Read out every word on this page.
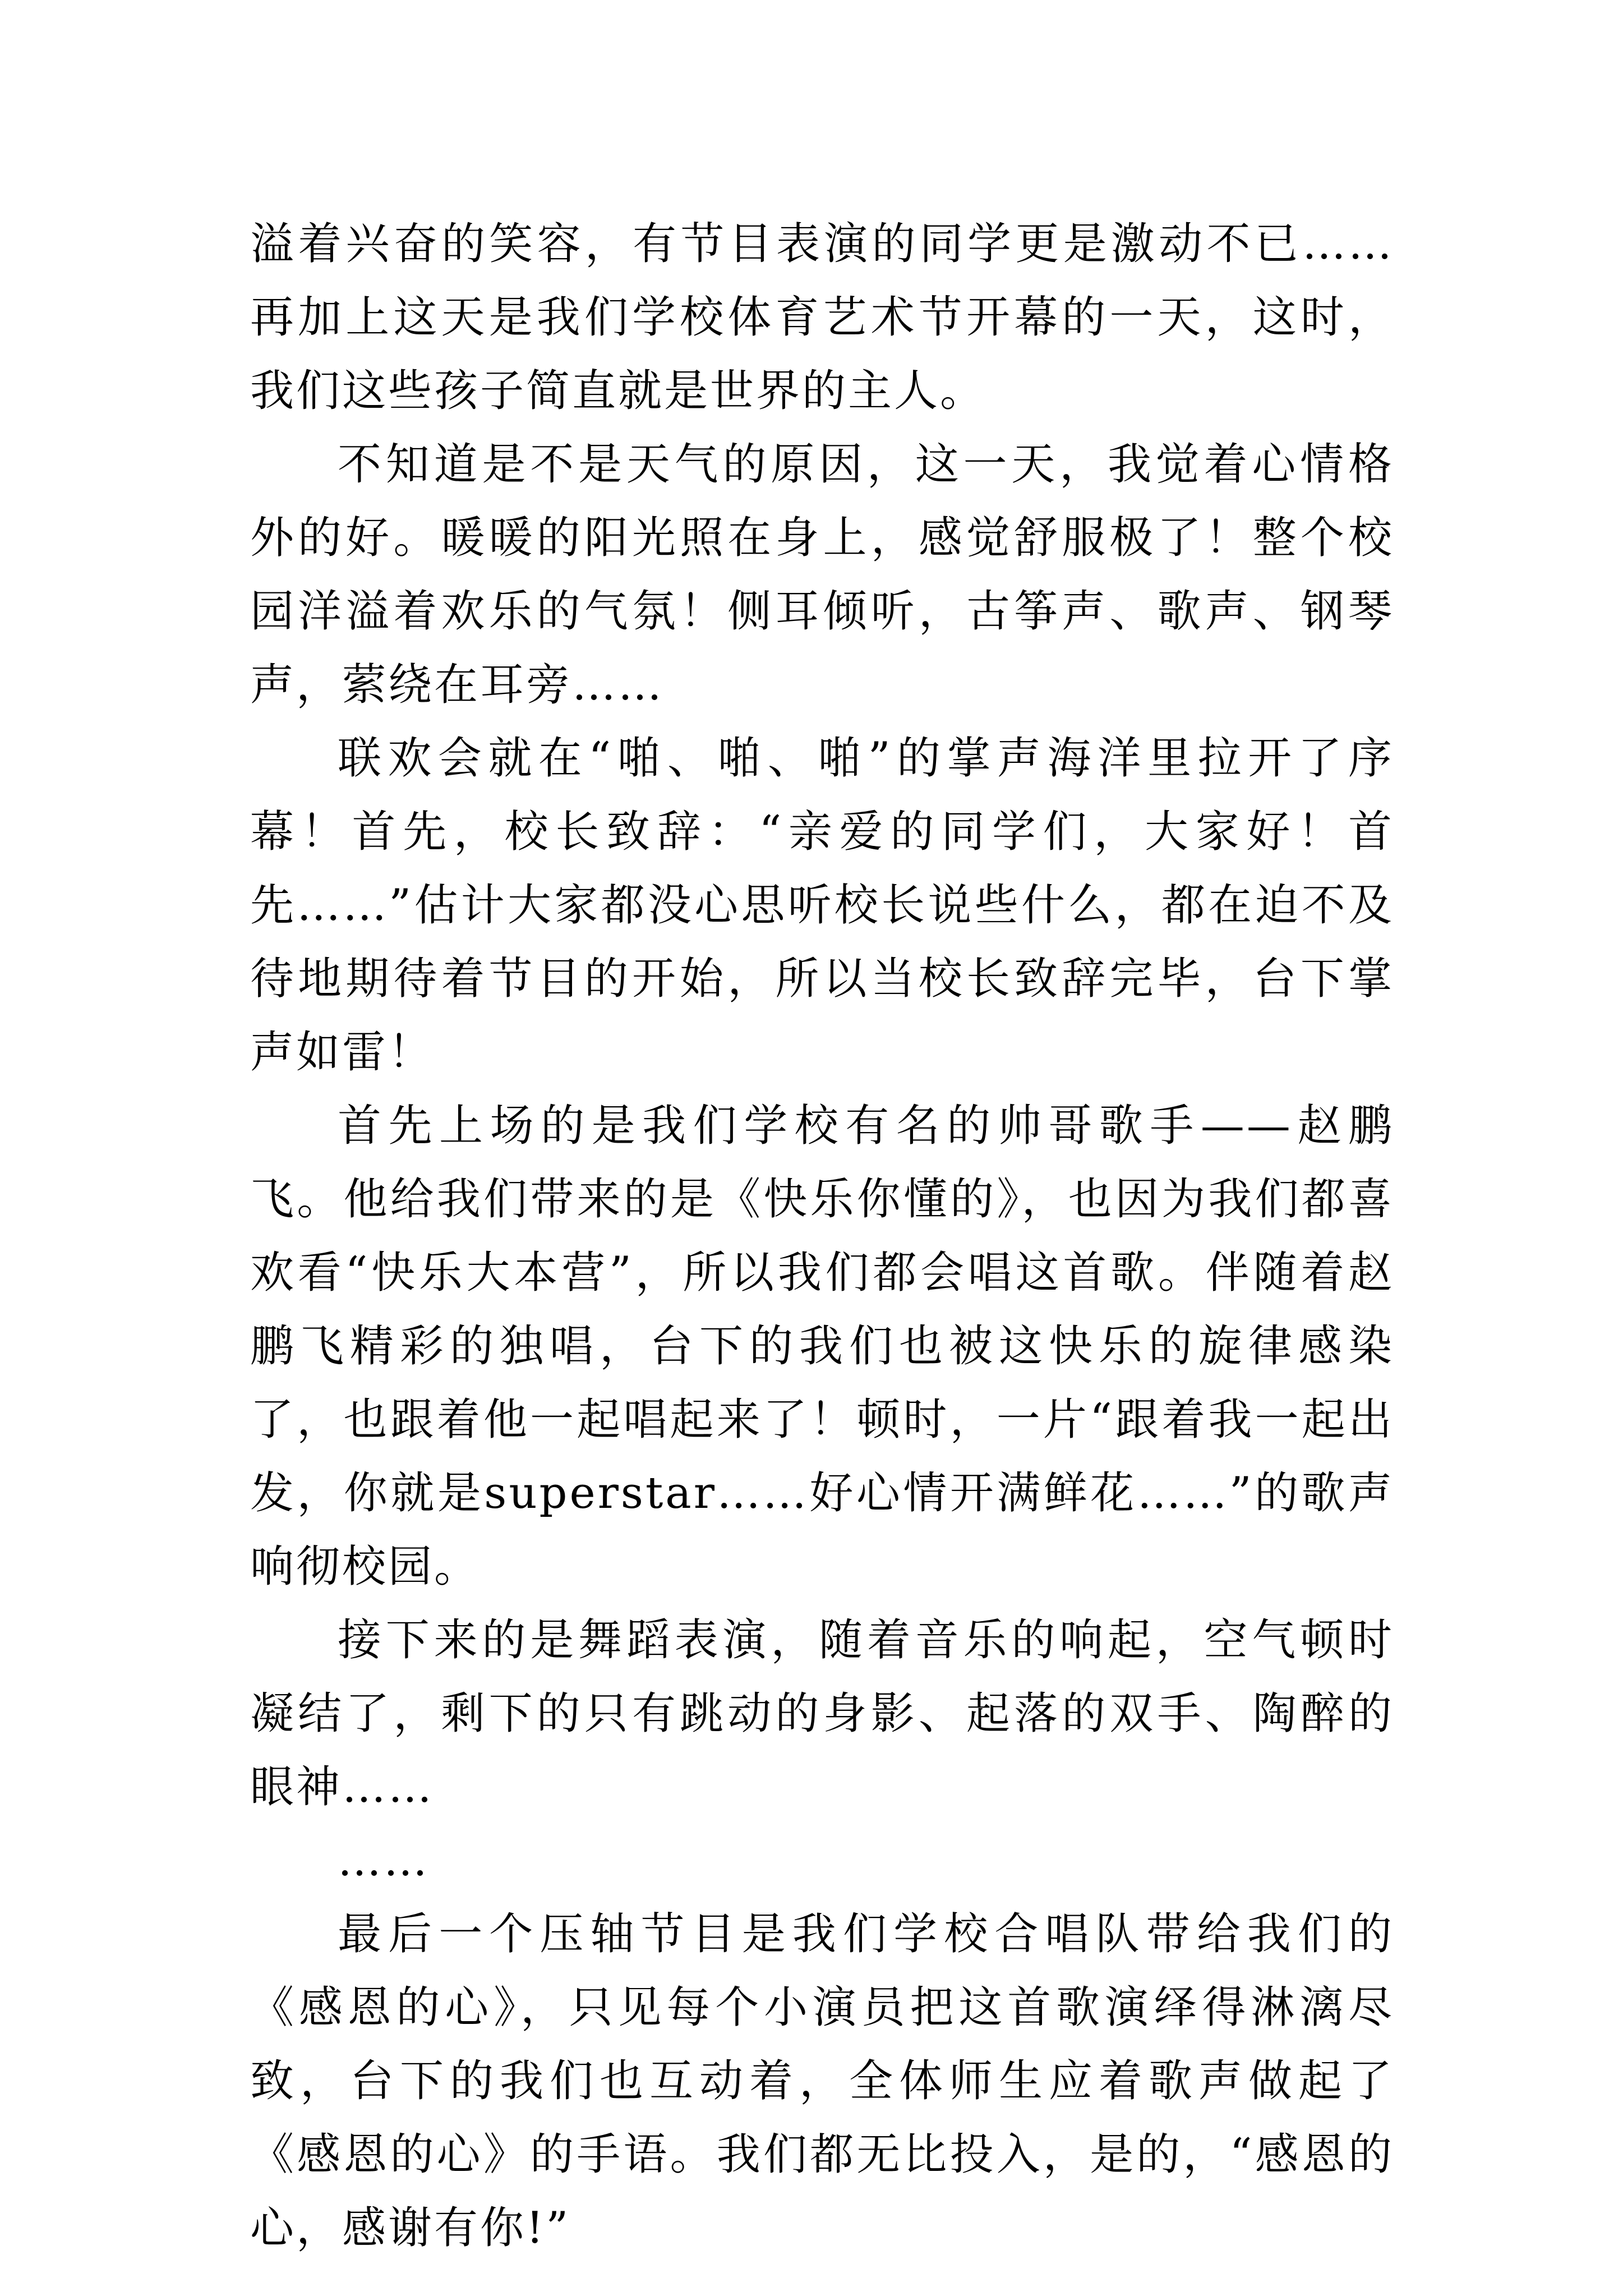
溢着兴奋的笑容，有节目表演的同学更是激动不已……再加上这天是我们学校体育艺术节开幕的一天，这时，我们这些孩子简直就是世界的主人。

不知道是不是天气的原因，这一天，我觉着心情格外的好。暖暖的阳光照在身上，感觉舒服极了！整个校园洋溢着欢乐的气氛！侧耳倾听，古筝声、歌声、钢琴声，萦绕在耳旁……

联欢会就在“啪、啪、啪”的掌声海洋里拉开了序幕！首先，校长致辞：“亲爱的同学们，大家好！首先……”估计大家都没心思听校长说些什么，都在迫不及待地期待着节目的开始，所以当校长致辞完毕，台下掌声如雷！

首先上场的是我们学校有名的帅哥歌手——赵鹏飞。他给我们带来的是《快乐你懂的》，也因为我们都喜欢看“快乐大本营”，所以我们都会唱这首歌。伴随着赵鹏飞精彩的独唱，台下的我们也被这快乐的旋律感染了，也跟着他一起唱起来了！顿时，一片“跟着我一起出发，你就是superstar……好心情开满鲜花……”的歌声响彻校园。

接下来的是舞蹈表演，随着音乐的响起，空气顿时凝结了，剩下的只有跳动的身影、起落的双手、陶醉的眼神……

……

最后一个压轴节目是我们学校合唱队带给我们的《感恩的心》，只见每个小演员把这首歌演绎得淋漓尽致，台下的我们也互动着，全体师生应着歌声做起了《感恩的心》的手语。我们都无比投入，是的，“感恩的心，感谢有你!”
